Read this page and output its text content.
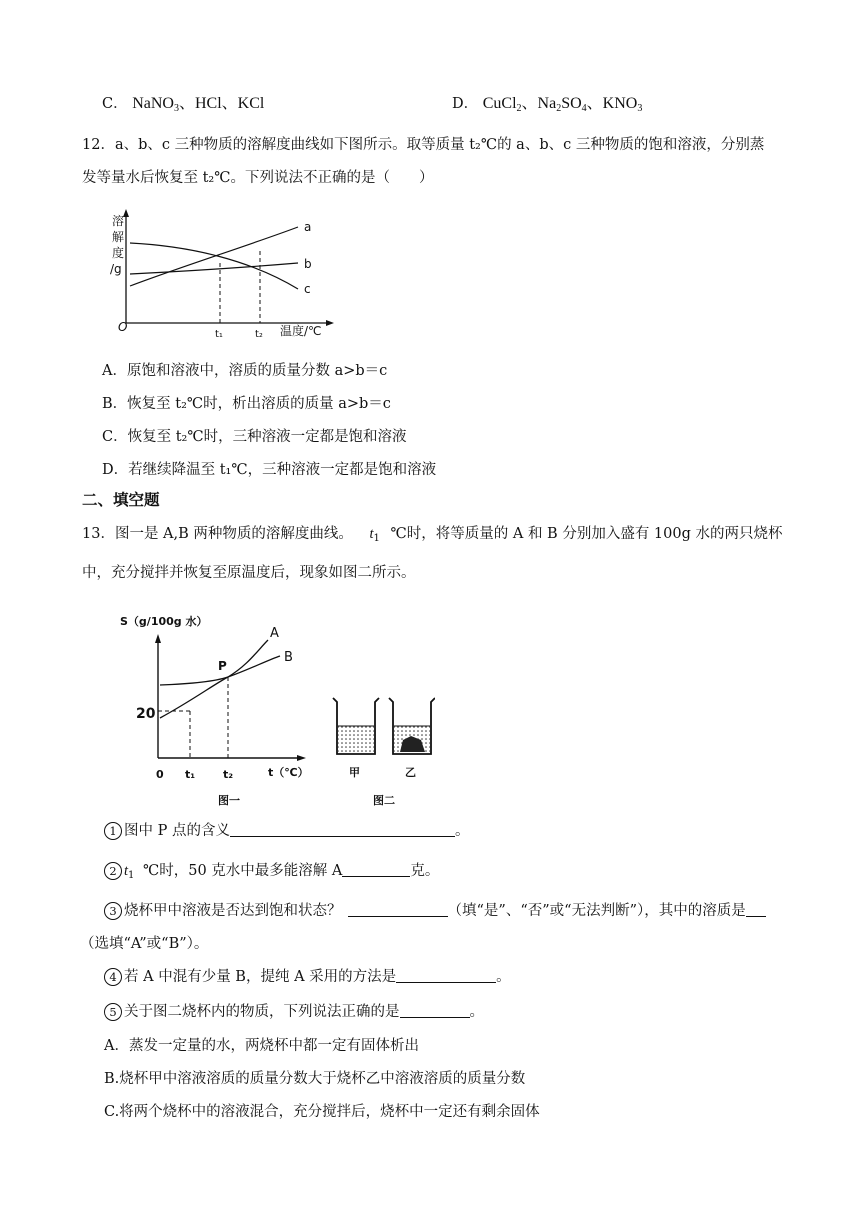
C． NaNO$_3$、HCl、KCl	D． CuCl$_2$、$Na_2SO_4$、$KNO_3$
12．a、b、c 三种物质的溶解度曲线如下图所示。取等质量 t₂℃的 a、b、c 三种物质的饱和溶液，分别蒸
发等量水后恢复至 t₂℃。下列说法不正确的是（　　）
溶
解
度
/g
O
a
b
c
t₁	t₂ 温度/℃
A．原饱和溶液中，溶质的质量分数 a>b＝c
B．恢复至 t₂℃时，析出溶质的质量 a>b＝c
C．恢复至 t₂℃时，三种溶液一定都是饱和溶液
D．若继续降温至 t₁℃，三种溶液一定都是饱和溶液
二、填空题
13．图一是 A,B 两种物质的溶解度曲线。 $t_1$ ℃时，将等质量的 A 和 B 分别加入盛有 100g 水的两只烧杯
中，充分搅拌并恢复至原温度后，现象如图二所示。
S（g/100g 水）
20
0
A
B
P
t₁	t₂	t（℃）
图一
甲	乙
图二
1 图中 P 点的含义	。
2 $t_1$ ℃时，50 克水中最多能溶解 A	克。
3 烧杯甲中溶液是否达到饱和状态？	（填“是”、“否”或“无法判断”），其中的溶质是
（选填“A”或“B”）。
4 若 A 中混有少量 B，提纯 A 采用的方法是	。
5 关于图二烧杯内的物质，下列说法正确的是	。
A．蒸发一定量的水，两烧杯中都一定有固体析出
B.烧杯甲中溶液溶质的质量分数大于烧杯乙中溶液溶质的质量分数
C.将两个烧杯中的溶液混合，充分搅拌后，烧杯中一定还有剩余固体
